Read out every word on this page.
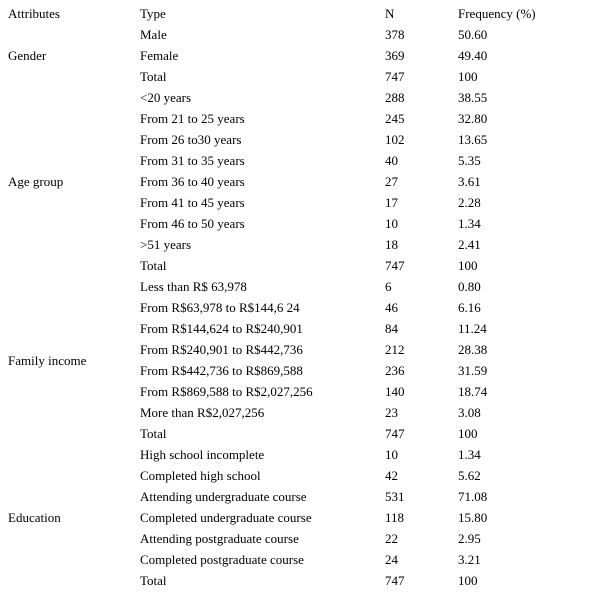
Attributes	Type	N	Frequency (%)
Gender	Male	378	50.60
	Female	369	49.40
	Total	747	100
Age group	<20 years	288	38.55
	From 21 to 25 years	245	32.80
	From 26 to30 years	102	13.65
	From 31 to 35 years	40	5.35
	From 36 to 40 years	27	3.61
	From 41 to 45 years	17	2.28
	From 46 to 50 years	10	1.34
	>51 years	18	2.41
	Total	747	100
Family income	Less than R$ 63,978	6	0.80
	From R$63,978 to R$144,6 24	46	6.16
	From R$144,624 to R$240,901	84	11.24
	From R$240,901 to R$442,736	212	28.38
	From R$442,736 to R$869,588	236	31.59
	From R$869,588 to R$2,027,256	140	18.74
	More than R$2,027,256	23	3.08
	Total	747	100
Education	High school incomplete	10	1.34
	Completed high school	42	5.62
	Attending undergraduate course	531	71.08
	Completed undergraduate course	118	15.80
	Attending postgraduate course	22	2.95
	Completed postgraduate course	24	3.21
	Total	747	100
